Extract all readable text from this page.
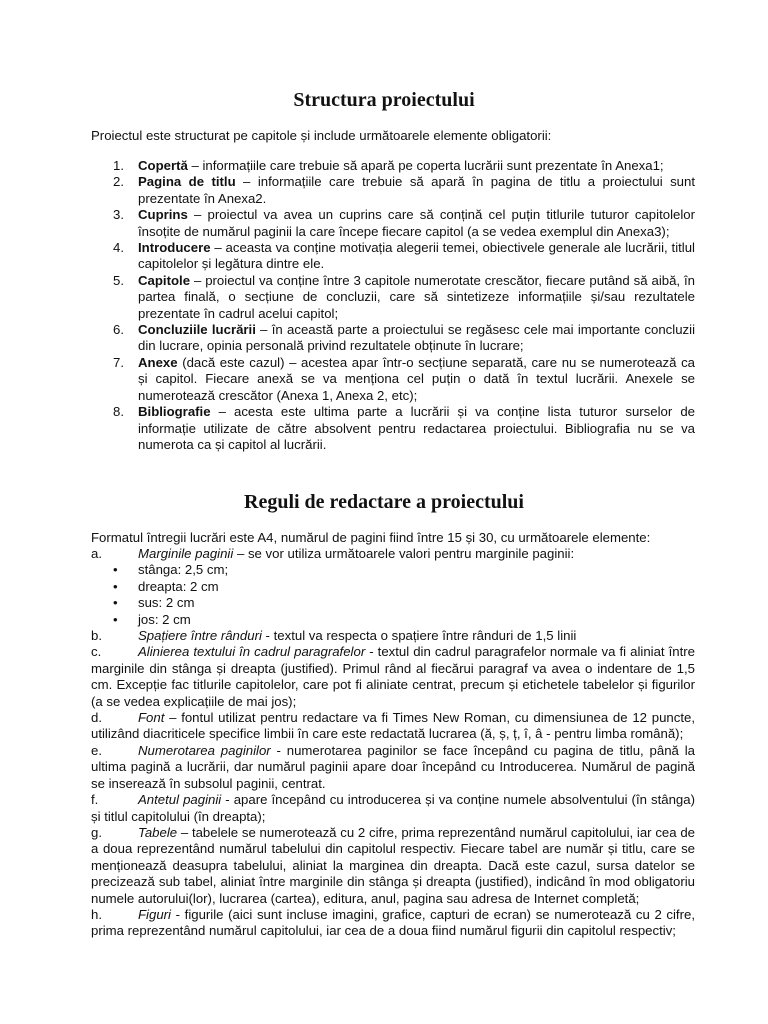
Structura proiectului

Proiectul este structurat pe capitole și include următoarele elemente obligatorii:

1. Copertă – informațiile care trebuie să apară pe coperta lucrării sunt prezentate în Anexa1;
2. Pagina de titlu – informațiile care trebuie să apară în pagina de titlu a proiectului sunt prezentate în Anexa2.
3. Cuprins – proiectul va avea un cuprins care să conțină cel puțin titlurile tuturor capitolelor însoțite de numărul paginii la care începe fiecare capitol (a se vedea exemplul din Anexa3);
4. Introducere – aceasta va conține motivația alegerii temei, obiectivele generale ale lucrării, titlul capitolelor și legătura dintre ele.
5. Capitole – proiectul va conține între 3 capitole numerotate crescător, fiecare putând să aibă, în partea finală, o secțiune de concluzii, care să sintetizeze informațiile și/sau rezultatele prezentate în cadrul acelui capitol;
6. Concluziile lucrării – în această parte a proiectului se regăsesc cele mai importante concluzii din lucrare, opinia personală privind rezultatele obținute în lucrare;
7. Anexe (dacă este cazul) – acestea apar într-o secțiune separată, care nu se numerotează ca și capitol. Fiecare anexă se va menționa cel puțin o dată în textul lucrării. Anexele se numerotează crescător (Anexa 1, Anexa 2, etc);
8. Bibliografie – acesta este ultima parte a lucrării și va conține lista tuturor surselor de informație utilizate de către absolvent pentru redactarea proiectului. Bibliografia nu se va numerota ca și capitol al lucrării.
Reguli de redactare a proiectului

Formatul întregii lucrări este A4, numărul de pagini fiind între 15 și 30, cu următoarele elemente:

a.	Marginile paginii – se vor utiliza următoarele valori pentru marginile paginii:
• stânga: 2,5 cm;
• dreapta: 2 cm
• sus: 2 cm
• jos: 2 cm
b.	Spațiere între rânduri - textul va respecta o spațiere între rânduri de 1,5 linii
c.	Alinierea textului în cadrul paragrafelor - textul din cadrul paragrafelor normale va fi aliniat între marginile din stânga și dreapta (justified). Primul rând al fiecărui paragraf va avea o indentare de 1,5 cm. Excepție fac titlurile capitolelor, care pot fi aliniate centrat, precum și etichetele tabelelor și figurilor (a se vedea explicațiile de mai jos);
d.	Font – fontul utilizat pentru redactare va fi Times New Roman, cu dimensiunea de 12 puncte, utilizând diacriticele specifice limbii în care este redactată lucrarea (ă, ș, ț, î, â - pentru limba română);
e.	Numerotarea paginilor - numerotarea paginilor se face începând cu pagina de titlu, până la ultima pagină a lucrării, dar numărul paginii apare doar începând cu Introducerea. Numărul de pagină se inserează în subsolul paginii, centrat.
f.	Antetul paginii - apare începând cu introducerea și va conține numele absolventului (în stânga) și titlul capitolului (în dreapta);
g.	Tabele – tabelele se numerotează cu 2 cifre, prima reprezentând numărul capitolului, iar cea de a doua reprezentând numărul tabelului din capitolul respectiv. Fiecare tabel are număr și titlu, care se menționează deasupra tabelului, aliniat la marginea din dreapta. Dacă este cazul, sursa datelor se precizează sub tabel, aliniat între marginile din stânga și dreapta (justified), indicând în mod obligatoriu numele autorului(lor), lucrarea (cartea), editura, anul, pagina sau adresa de Internet completă;
h.	Figuri - figurile (aici sunt incluse imagini, grafice, capturi de ecran) se numerotează cu 2 cifre, prima reprezentând numărul capitolului, iar cea de a doua fiind numărul figurii din capitolul respectiv;
